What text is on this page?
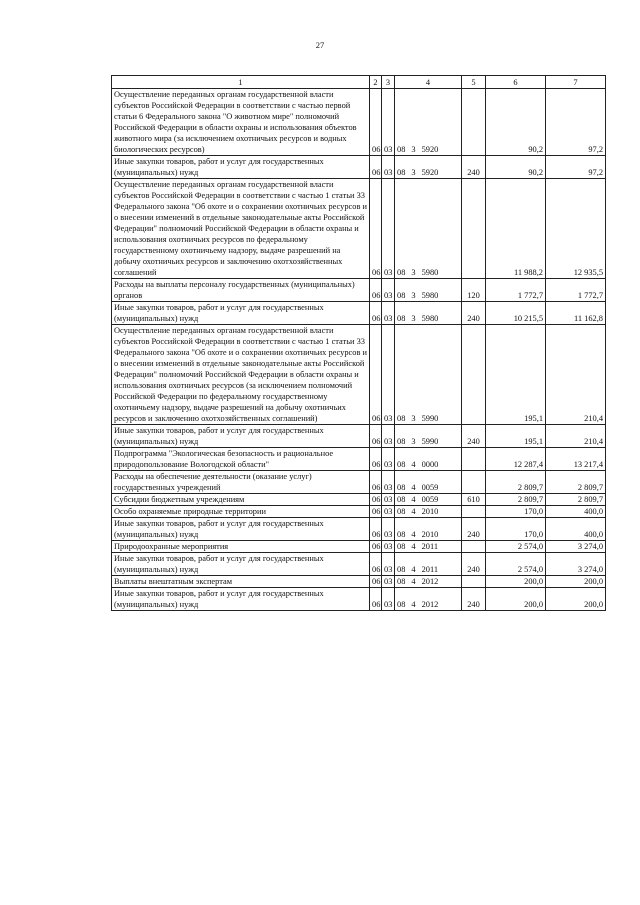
27
1	2	3	4	5	6	7
Осуществление переданных органам государственной власти субъектов Российской Федерации в соответствии с частью первой статьи 6 Федерального закона "О животном мире" полномочий Российской Федерации в области охраны и использования объектов животного мира (за исключением охотничьих ресурсов и водных биологических ресурсов)	06	03	08 3 5920		90,2	97,2
Иные закупки товаров, работ и услуг для государственных (муниципальных) нужд	06	03	08 3 5920	240	90,2	97,2
Осуществление переданных органам государственной власти субъектов Российской Федерации в соответствии с частью 1 статьи 33 Федерального закона "Об охоте и о сохранении охотничьих ресурсов и о внесении изменений в отдельные законодательные акты Российской Федерации" полномочий Российской Федерации в области охраны и использования охотничьих ресурсов по федеральному государственному охотничьему надзору, выдаче разрешений на добычу охотничьих ресурсов и заключению охотхозяйственных соглашений	06	03	08 3 5980		11 988,2	12 935,5
Расходы на выплаты персоналу государственных (муниципальных) органов	06	03	08 3 5980	120	1 772,7	1 772,7
Иные закупки товаров, работ и услуг для государственных (муниципальных) нужд	06	03	08 3 5980	240	10 215,5	11 162,8
Осуществление переданных органам государственной власти субъектов Российской Федерации в соответствии с частью 1 статьи 33 Федерального закона "Об охоте и о сохранении охотничьих ресурсов и о внесении изменений в отдельные законодательные акты Российской Федерации" полномочий Российской Федерации в области охраны и использования охотничьих ресурсов (за исключением полномочий Российской Федерации по федеральному государственному охотничьему надзору, выдаче разрешений на добычу охотничьих ресурсов и заключению охотхозяйственных соглашений)	06	03	08 3 5990		195,1	210,4
Иные закупки товаров, работ и услуг для государственных (муниципальных) нужд	06	03	08 3 5990	240	195,1	210,4
Подпрограмма "Экологическая безопасность и рациональное природопользование Вологодской области"	06	03	08 4 0000		12 287,4	13 217,4
Расходы на обеспечение деятельности (оказание услуг) государственных учреждений	06	03	08 4 0059		2 809,7	2 809,7
Субсидии бюджетным учреждениям	06	03	08 4 0059	610	2 809,7	2 809,7
Особо охраняемые природные территории	06	03	08 4 2010		170,0	400,0
Иные закупки товаров, работ и услуг для государственных (муниципальных) нужд	06	03	08 4 2010	240	170,0	400,0
Природоохранные мероприятия	06	03	08 4 2011		2 574,0	3 274,0
Иные закупки товаров, работ и услуг для государственных (муниципальных) нужд	06	03	08 4 2011	240	2 574,0	3 274,0
Выплаты внештатным экспертам	06	03	08 4 2012		200,0	200,0
Иные закупки товаров, работ и услуг для государственных (муниципальных) нужд	06	03	08 4 2012	240	200,0	200,0
